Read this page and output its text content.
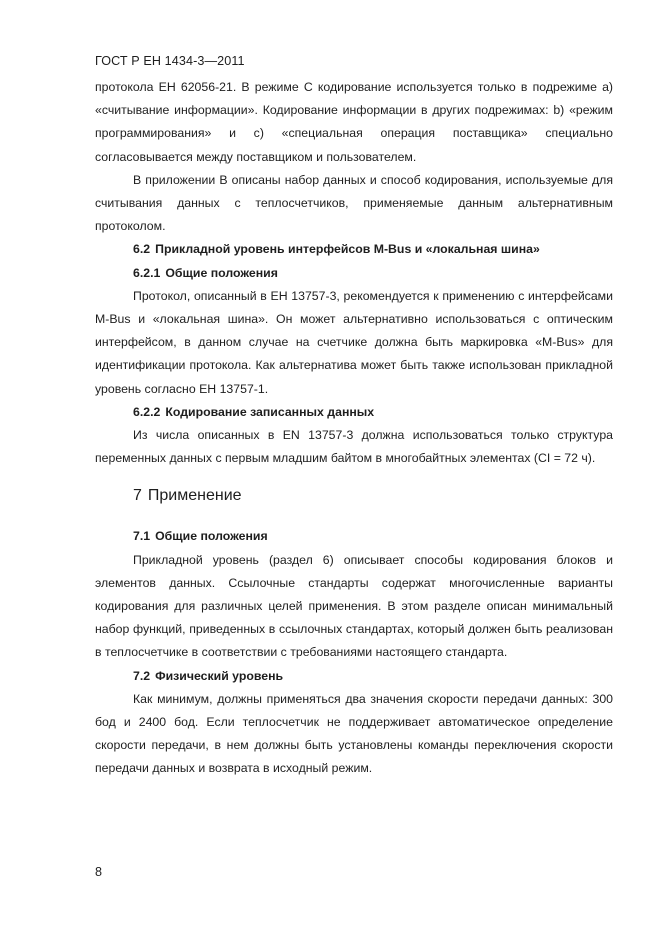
ГОСТ Р ЕН 1434-3—2011

протокола ЕН 62056-21. В режиме С кодирование используется только в подрежиме а) «считывание информации». Кодирование информации в других подрежимах: b) «режим программирования» и с) «специальная операция поставщика» специально согласовывается между поставщиком и пользователем.

В приложении В описаны набор данных и способ кодирования, используемые для считывания данных с теплосчетчиков, применяемые данным альтернативным протоколом.

6.2 Прикладной уровень интерфейсов М-Bus и «локальная шина»

6.2.1 Общие положения

Протокол, описанный в ЕН 13757-3, рекомендуется к применению с интерфейсами M-Bus и «локальная шина». Он может альтернативно использоваться с оптическим интерфейсом, в данном случае на счетчике должна быть маркировка «M-Bus» для идентификации протокола. Как альтернатива может быть также использован прикладной уровень согласно ЕН 13757-1.

6.2.2 Кодирование записанных данных

Из числа описанных в EN 13757-3 должна использоваться только структура переменных данных с первым младшим байтом в многобайтных элементах (CI = 72 ч).

7 Применение

7.1 Общие положения

Прикладной уровень (раздел 6) описывает способы кодирования блоков и элементов данных. Ссылочные стандарты содержат многочисленные варианты кодирования для различных целей применения. В этом разделе описан минимальный набор функций, приведенных в ссылочных стандартах, который должен быть реализован в теплосчетчике в соответствии с требованиями настоящего стандарта.

7.2 Физический уровень

Как минимум, должны применяться два значения скорости передачи данных: 300 бод и 2400 бод. Если теплосчетчик не поддерживает автоматическое определение скорости передачи, в нем должны быть установлены команды переключения скорости передачи данных и возврата в исходный режим.

8
